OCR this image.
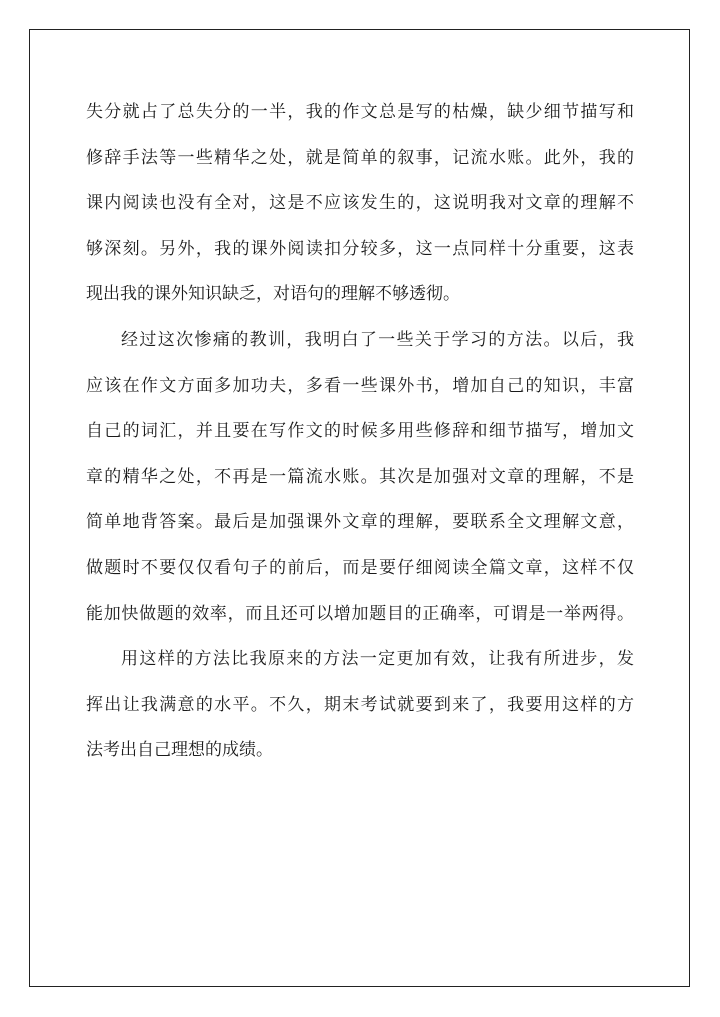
失分就占了总失分的一半，我的作文总是写的枯燥，缺少细节描写和
修辞手法等一些精华之处，就是简单的叙事，记流水账。此外，我的
课内阅读也没有全对，这是不应该发生的，这说明我对文章的理解不
够深刻。另外，我的课外阅读扣分较多，这一点同样十分重要，这表
现出我的课外知识缺乏，对语句的理解不够透彻。
经过这次惨痛的教训，我明白了一些关于学习的方法。以后，我
应该在作文方面多加功夫，多看一些课外书，增加自己的知识，丰富
自己的词汇，并且要在写作文的时候多用些修辞和细节描写，增加文
章的精华之处，不再是一篇流水账。其次是加强对文章的理解，不是
简单地背答案。最后是加强课外文章的理解，要联系全文理解文意，
做题时不要仅仅看句子的前后，而是要仔细阅读全篇文章，这样不仅
能加快做题的效率，而且还可以增加题目的正确率，可谓是一举两得。
用这样的方法比我原来的方法一定更加有效，让我有所进步，发
挥出让我满意的水平。不久，期末考试就要到来了，我要用这样的方
法考出自己理想的成绩。
